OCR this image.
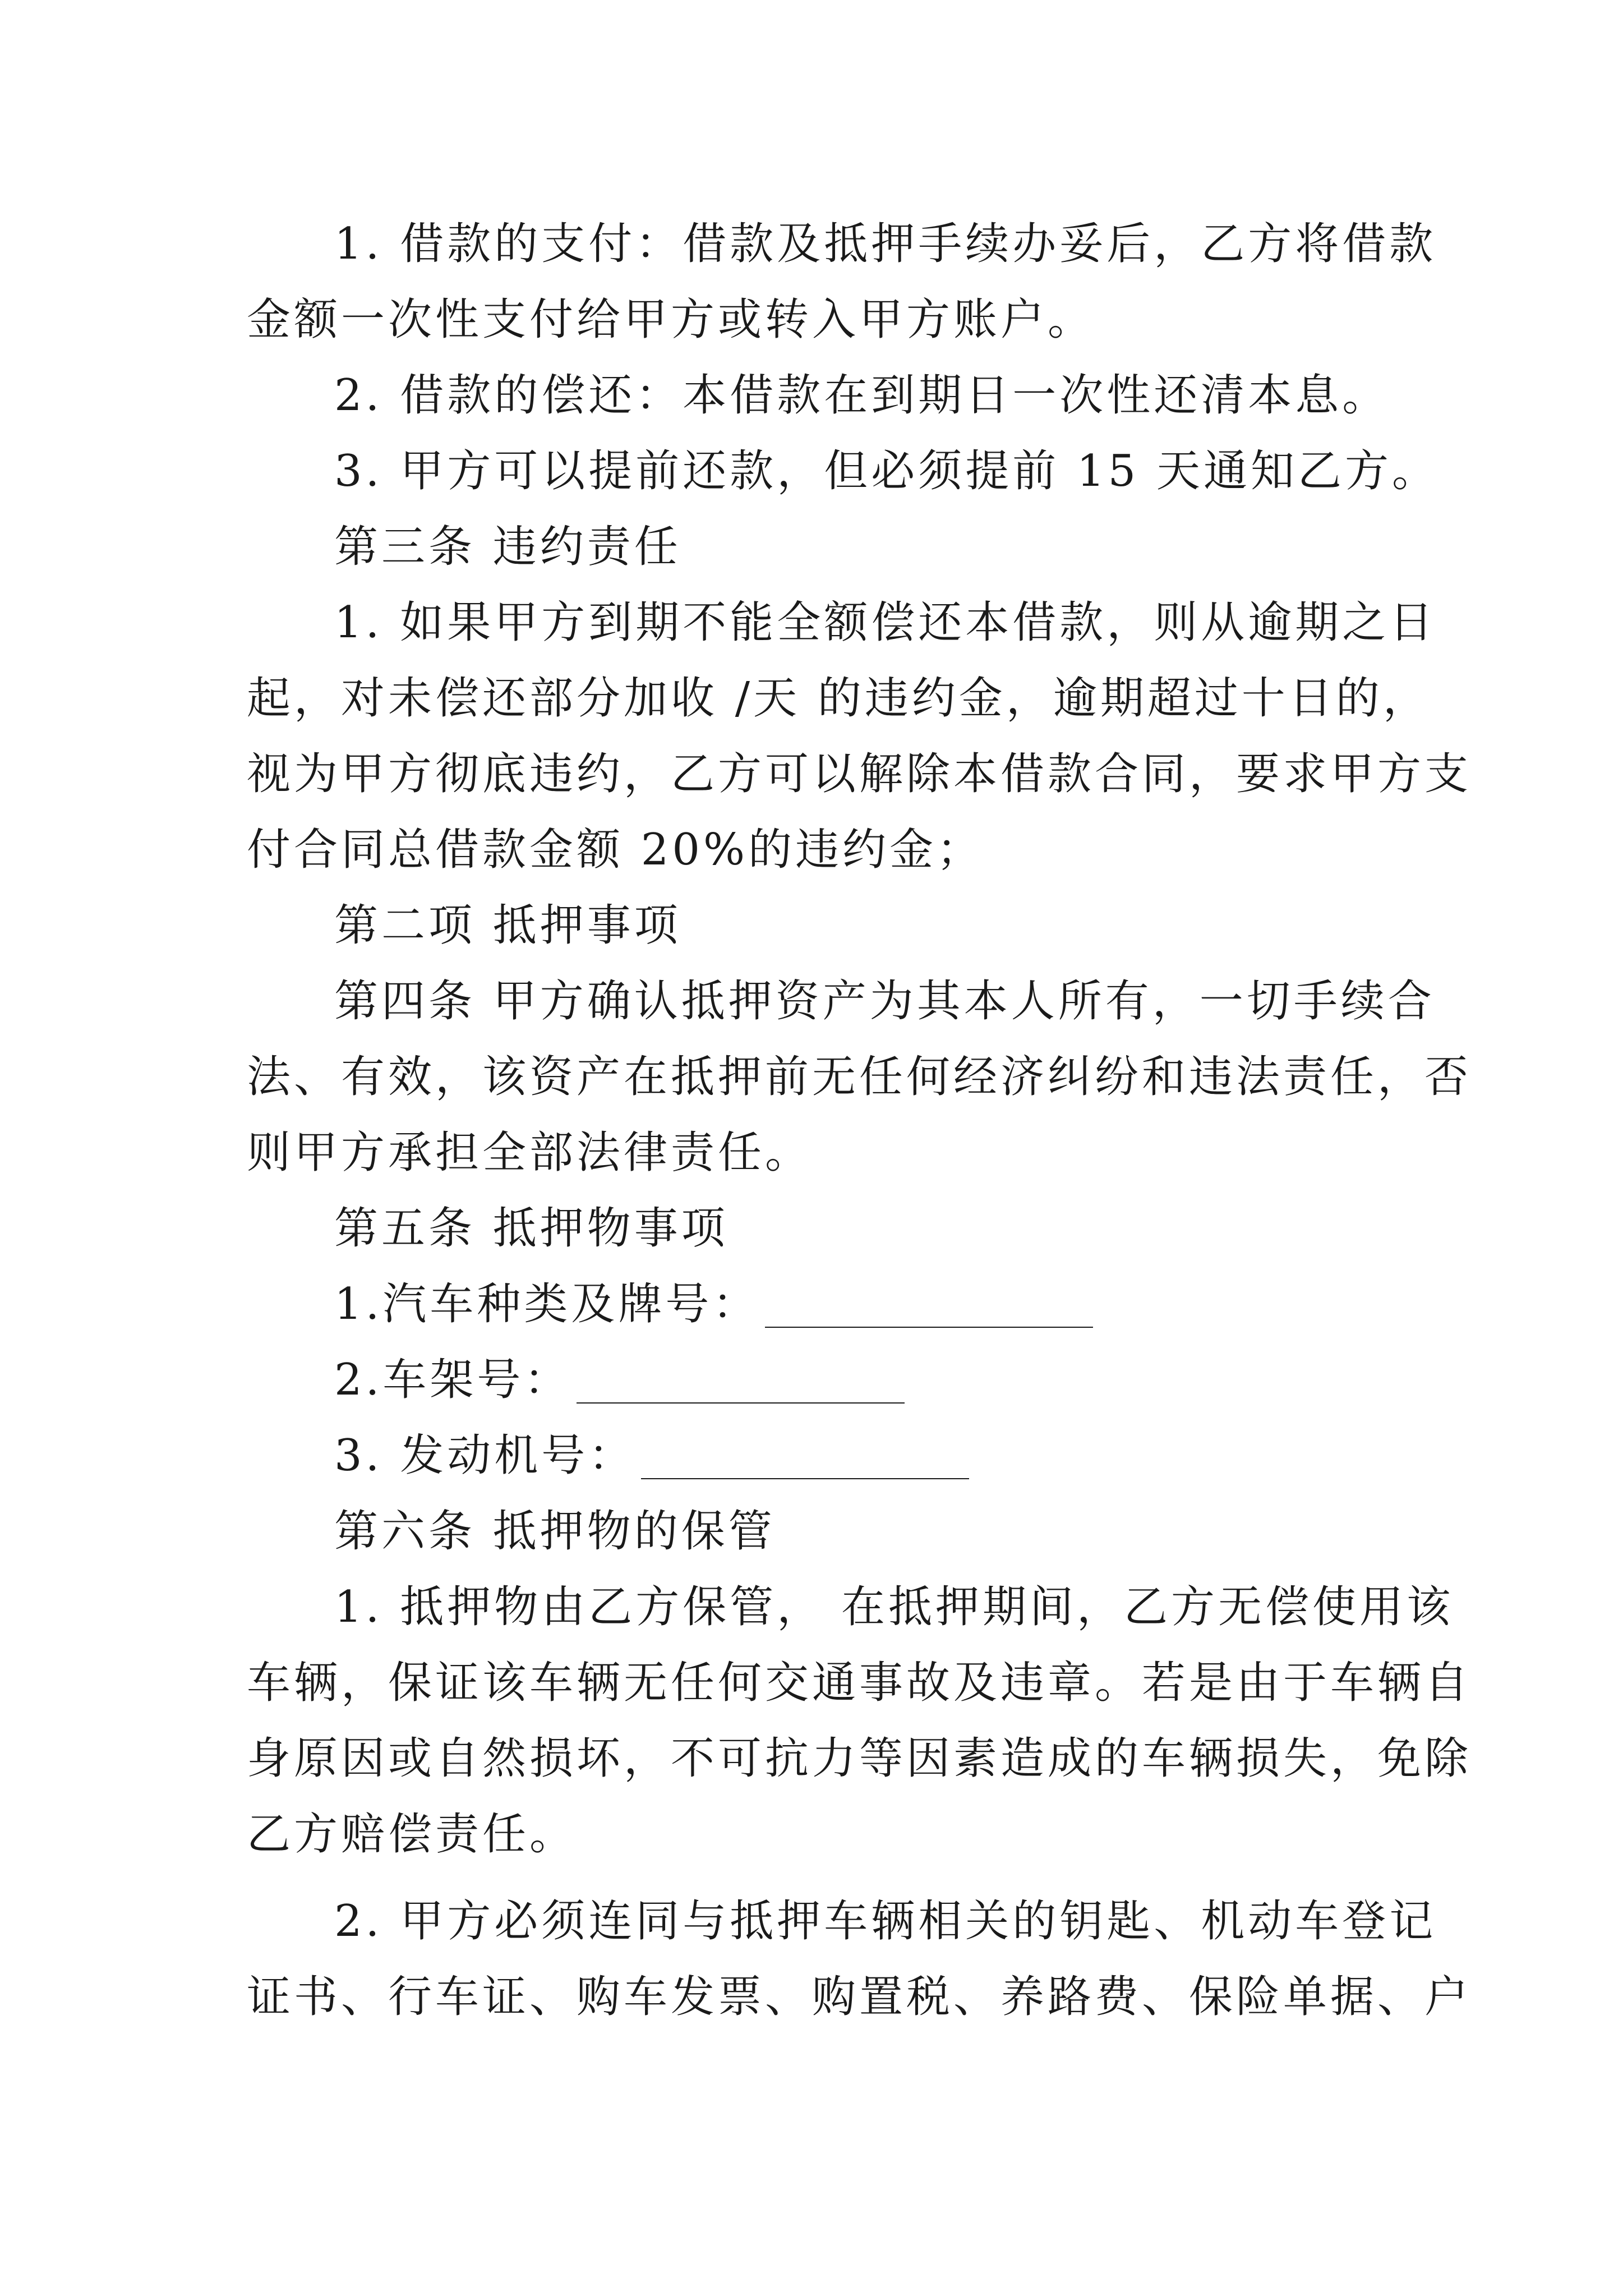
1. 借款的支付：借款及抵押手续办妥后，乙方将借款
金额一次性支付给甲方或转入甲方账户。
2. 借款的偿还：本借款在到期日一次性还清本息。
3. 甲方可以提前还款，但必须提前 15 天通知乙方。
第三条 违约责任
1. 如果甲方到期不能全额偿还本借款，则从逾期之日
起，对未偿还部分加收 /天 的违约金，逾期超过十日的，
视为甲方彻底违约，乙方可以解除本借款合同，要求甲方支
付合同总借款金额 20%的违约金；
第二项 抵押事项
第四条 甲方确认抵押资产为其本人所有，一切手续合
法、有效，该资产在抵押前无任何经济纠纷和违法责任，否
则甲方承担全部法律责任。
第五条 抵押物事项
1.汽车种类及牌号：
2.车架号：
3. 发动机号：
第六条 抵押物的保管
1. 抵押物由乙方保管， 在抵押期间，乙方无偿使用该
车辆，保证该车辆无任何交通事故及违章。若是由于车辆自
身原因或自然损坏，不可抗力等因素造成的车辆损失，免除
乙方赔偿责任。
2. 甲方必须连同与抵押车辆相关的钥匙、机动车登记
证书、行车证、购车发票、购置税、养路费、保险单据、户
